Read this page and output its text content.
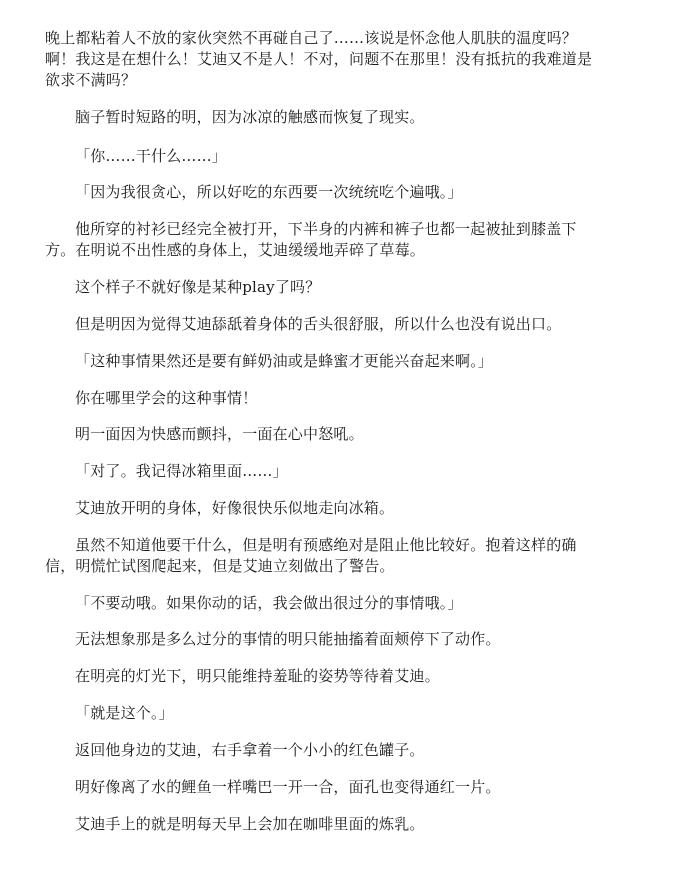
晚上都粘着人不放的家伙突然不再碰自己了……该说是怀念他人肌肤的温度吗？

啊！我这是在想什么！艾迪又不是人！不对，问题不在那里！没有抵抗的我难道是

欲求不满吗？

脑子暂时短路的明，因为冰凉的触感而恢复了现实。

「你……干什么……」

「因为我很贪心，所以好吃的东西要一次统统吃个遍哦。」

他所穿的衬衫已经完全被打开，下半身的内裤和裤子也都一起被扯到膝盖下

方。在明说不出性感的身体上，艾迪缓缓地弄碎了草莓。

这个样子不就好像是某种play了吗？

但是明因为觉得艾迪舔舐着身体的舌头很舒服，所以什么也没有说出口。

「这种事情果然还是要有鲜奶油或是蜂蜜才更能兴奋起来啊。」

你在哪里学会的这种事情！

明一面因为快感而颤抖，一面在心中怒吼。

「对了。我记得冰箱里面……」

艾迪放开明的身体，好像很快乐似地走向冰箱。

虽然不知道他要干什么，但是明有预感绝对是阻止他比较好。抱着这样的确

信，明慌忙试图爬起来，但是艾迪立刻做出了警告。

「不要动哦。如果你动的话，我会做出很过分的事情哦。」

无法想象那是多么过分的事情的明只能抽搐着面颊停下了动作。

在明亮的灯光下，明只能维持羞耻的姿势等待着艾迪。

「就是这个。」

返回他身边的艾迪，右手拿着一个小小的红色罐子。

明好像离了水的鲤鱼一样嘴巴一开一合，面孔也变得通红一片。

艾迪手上的就是明每天早上会加在咖啡里面的炼乳。
